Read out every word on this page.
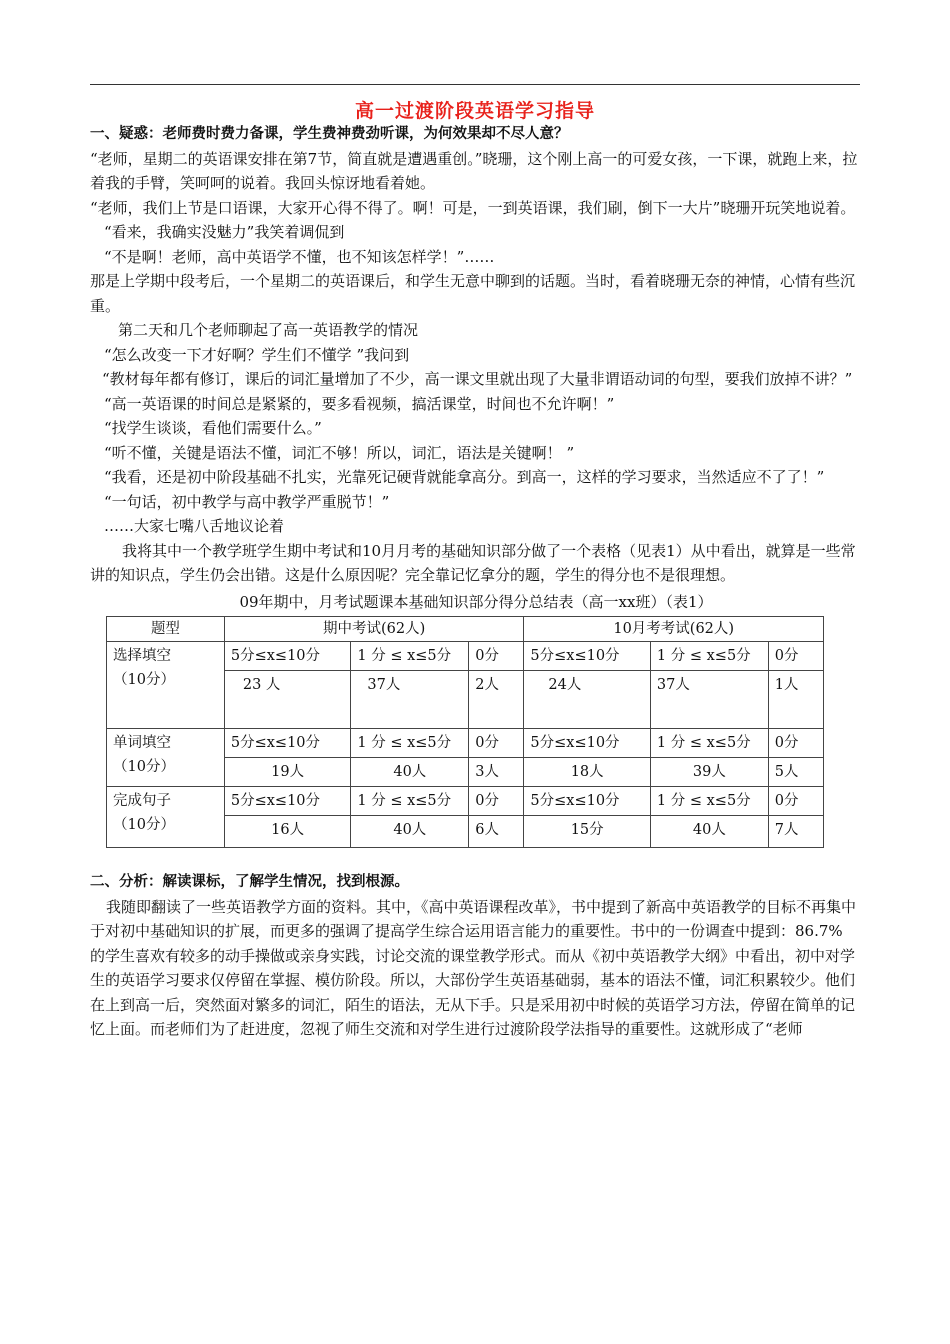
高一过渡阶段英语学习指导

一、疑惑：老师费时费力备课，学生费神费劲听课，为何效果却不尽人意？

“老师，星期二的英语课安排在第7节，简直就是遭遇重创。”晓珊，这个刚上高一的可爱女孩，一下课，就跑上来，拉着我的手臂，笑呵呵的说着。我回头惊讶地看着她。

“老师，我们上节是口语课，大家开心得不得了。啊！可是，一到英语课，我们刷，倒下一大片”晓珊开玩笑地说着。

“看来，我确实没魅力”我笑着调侃到

“不是啊！老师，高中英语学不懂，也不知该怎样学！”……

那是上学期中段考后，一个星期二的英语课后，和学生无意中聊到的话题。当时，看着晓珊无奈的神情，心情有些沉重。

第二天和几个老师聊起了高一英语教学的情况

“怎么改变一下才好啊？学生们不懂学 ”我问到

“教材每年都有修订，课后的词汇量增加了不少，高一课文里就出现了大量非谓语动词的句型，要我们放掉不讲？”

“高一英语课的时间总是紧紧的，要多看视频，搞活课堂，时间也不允许啊！”

“找学生谈谈，看他们需要什么。”

“听不懂，关键是语法不懂，词汇不够！所以，词汇，语法是关键啊！ ”

“我看，还是初中阶段基础不扎实，光靠死记硬背就能拿高分。到高一，这样的学习要求，当然适应不了了！”

“一句话，初中教学与高中教学严重脱节！”

……大家七嘴八舌地议论着

我将其中一个教学班学生期中考试和10月月考的基础知识部分做了一个表格（见表1）从中看出，就算是一些常讲的知识点，学生仍会出错。这是什么原因呢？完全靠记忆拿分的题，学生的得分也不是很理想。

09年期中，月考试题课本基础知识部分得分总结表（高一xx班）（表1）

题型	期中考试(62人)			10月考考试(62人)		
选择填空
（10分）	5分≤x≤10分	1 分 ≤ x≤5分	0分	5分≤x≤10分	1 分 ≤ x≤5分	0分
	23 人	37人	2人	24人	37人	1人
单词填空
（10分）	5分≤x≤10分	1 分 ≤ x≤5分	0分	5分≤x≤10分	1 分 ≤ x≤5分	0分
	19人	40人	3人	18人	39人	5人
完成句子
（10分）	5分≤x≤10分	1 分 ≤ x≤5分	0分	5分≤x≤10分	1 分 ≤ x≤5分	0分
	16人	40人	6人	15分	40人	7人

二、分析：解读课标，了解学生情况，找到根源。

我随即翻读了一些英语教学方面的资料。其中，《高中英语课程改革》，书中提到了新高中英语教学的目标不再集中于对初中基础知识的扩展，而更多的强调了提高学生综合运用语言能力的重要性。书中的一份调查中提到：86.7% 的学生喜欢有较多的动手操做或亲身实践，讨论交流的课堂教学形式。而从《初中英语教学大纲》中看出，初中对学生的英语学习要求仅停留在掌握、模仿阶段。所以，大部份学生英语基础弱，基本的语法不懂，词汇积累较少。他们在上到高一后，突然面对繁多的词汇，陌生的语法，无从下手。只是采用初中时候的英语学习方法，停留在简单的记忆上面。而老师们为了赶进度，忽视了师生交流和对学生进行过渡阶段学法指导的重要性。这就形成了“老师
